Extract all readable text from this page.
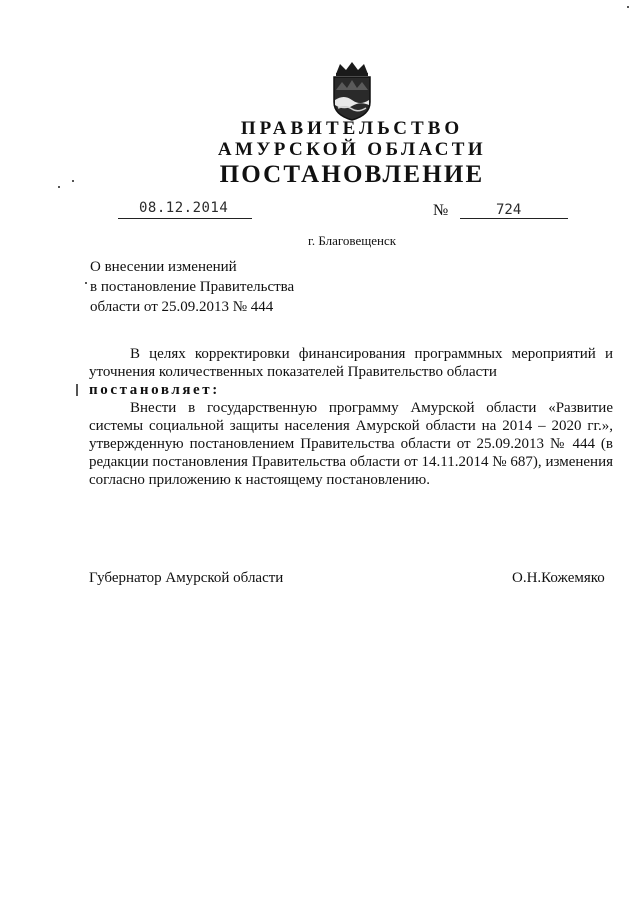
ПРАВИТЕЛЬСТВО
АМУРСКОЙ ОБЛАСТИ
ПОСТАНОВЛЕНИЕ
08.12.2014	№	724
г. Благовещенск
О внесении изменений
в постановление Правительства
области от 25.09.2013 № 444

В целях корректировки финансирования программных мероприятий и уточнения количественных показателей Правительство области

постановляет:

Внести в государственную программу Амурской области «Развитие системы социальной защиты населения Амурской области на 2014 – 2020 гг.», утвержденную постановлением Правительства области от 25.09.2013 № 444 (в редакции постановления Правительства области от 14.11.2014 № 687), изменения согласно приложению к настоящему постановлению.

Губернатор Амурской области	О.Н.Кожемяко
